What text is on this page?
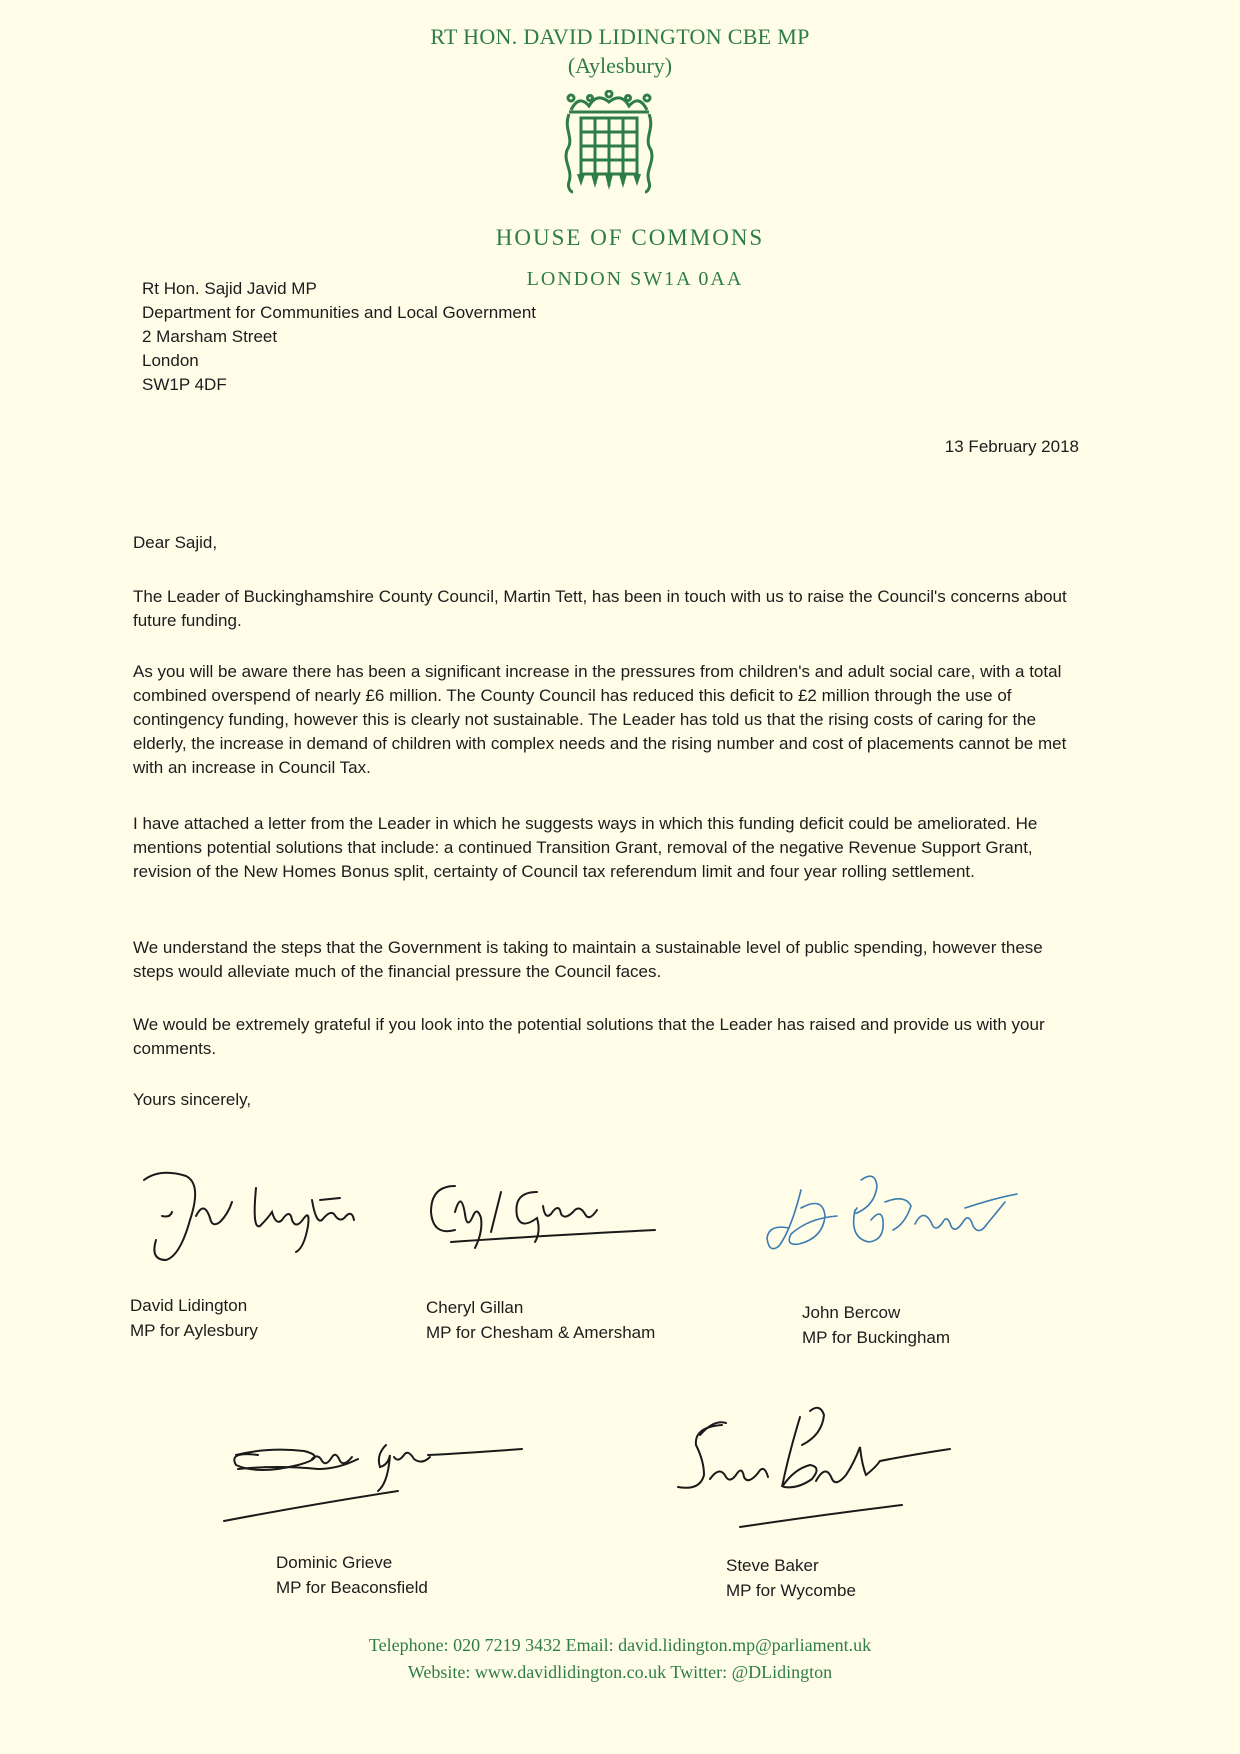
RT HON. DAVID LIDINGTON CBE MP
(Aylesbury)
HOUSE OF COMMONS
LONDON SW1A 0AA
Rt Hon. Sajid Javid MP
Department for Communities and Local Government
2 Marsham Street
London
SW1P 4DF
13 February 2018
Dear Sajid,
The Leader of Buckinghamshire County Council, Martin Tett, has been in touch with us to raise the Council's concerns about future funding.
As you will be aware there has been a significant increase in the pressures from children's and adult social care, with a total combined overspend of nearly £6 million. The County Council has reduced this deficit to £2 million through the use of contingency funding, however this is clearly not sustainable. The Leader has told us that the rising costs of caring for the elderly, the increase in demand of children with complex needs and the rising number and cost of placements cannot be met with an increase in Council Tax.
I have attached a letter from the Leader in which he suggests ways in which this funding deficit could be ameliorated. He mentions potential solutions that include: a continued Transition Grant, removal of the negative Revenue Support Grant, revision of the New Homes Bonus split, certainty of Council tax referendum limit and four year rolling settlement.
We understand the steps that the Government is taking to maintain a sustainable level of public spending, however these steps would alleviate much of the financial pressure the Council faces.
We would be extremely grateful if you look into the potential solutions that the Leader has raised and provide us with your comments.
Yours sincerely,
David Lidington
MP for Aylesbury
Cheryl Gillan
MP for Chesham & Amersham
John Bercow
MP for Buckingham
Dominic Grieve
MP for Beaconsfield
Steve Baker
MP for Wycombe
Telephone: 020 7219 3432 Email: david.lidington.mp@parliament.uk
Website: www.davidlidington.co.uk Twitter: @DLidington
